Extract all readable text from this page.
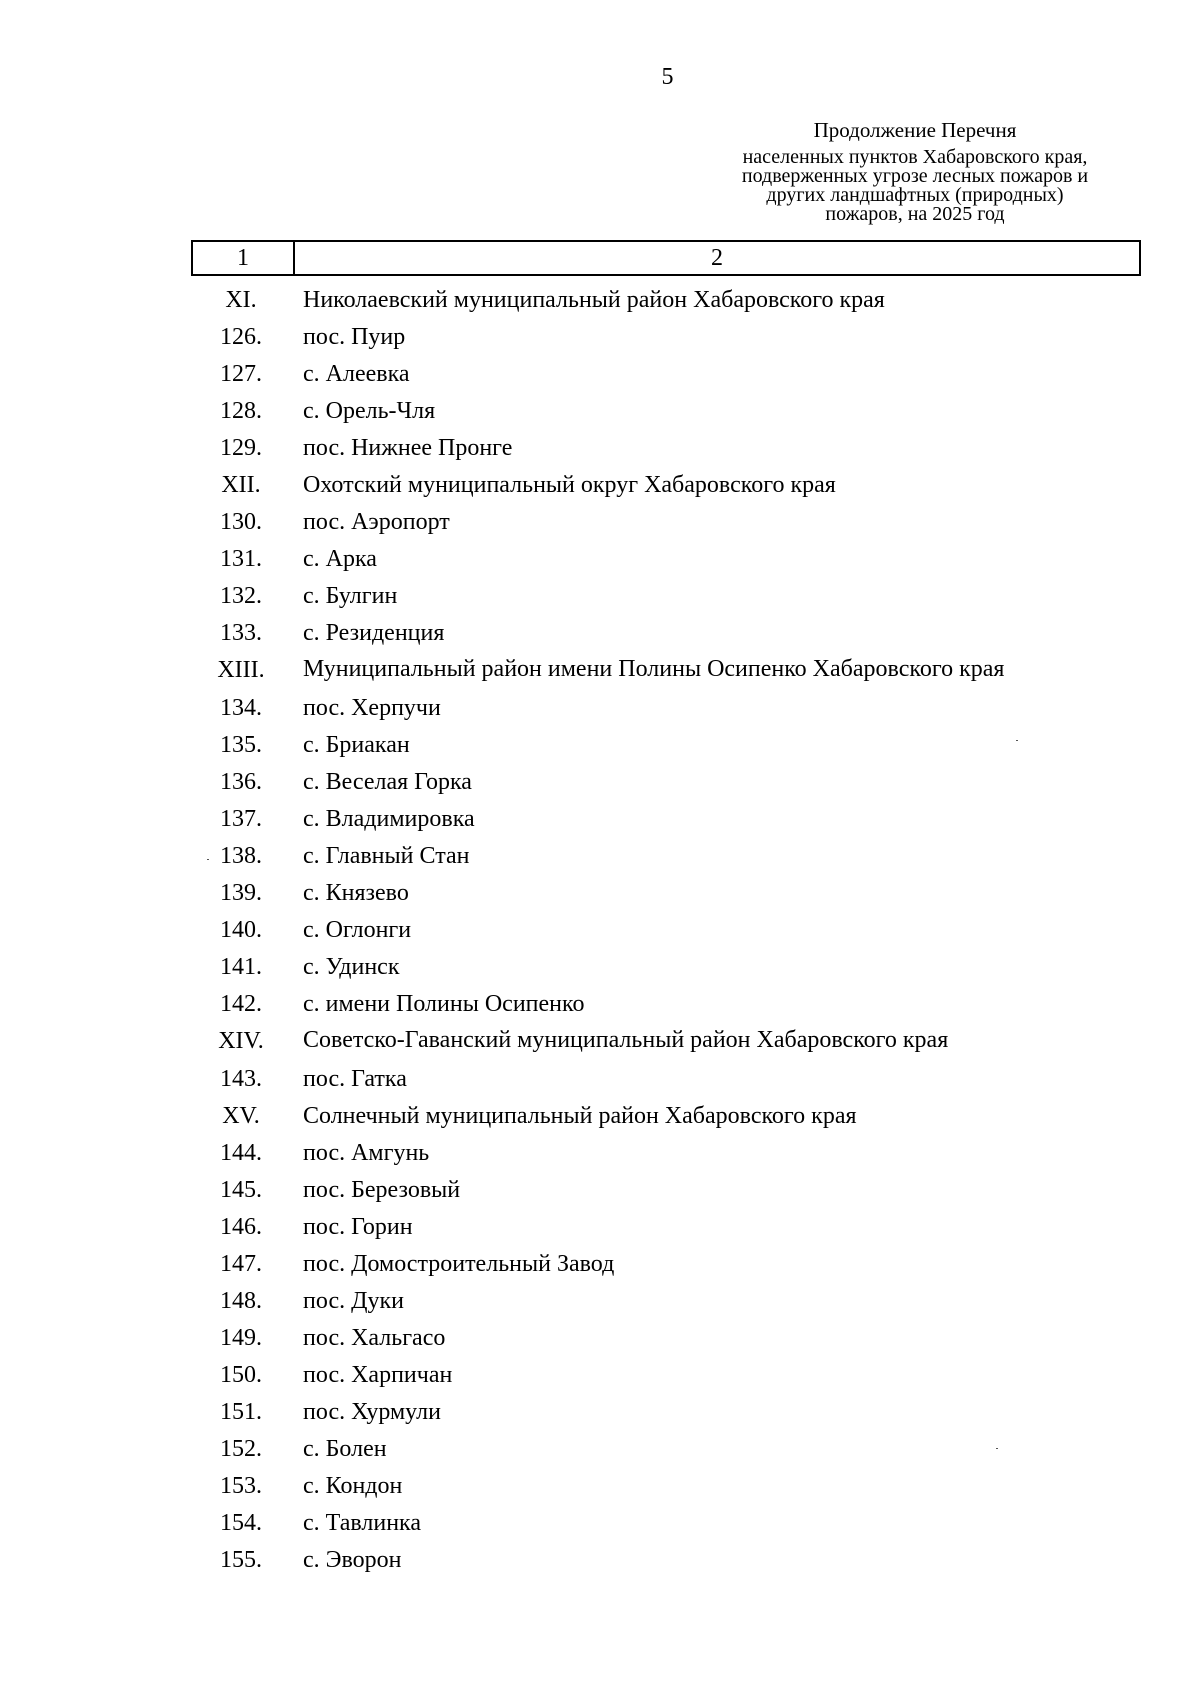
5
Продолжение Перечня
населенных пунктов Хабаровского края,
подверженных угрозе лесных пожаров и
других ландшафтных (природных)
пожаров, на 2025 год
1	2
XI.	Николаевский муниципальный район Хабаровского края
126.	пос. Пуир
127.	с. Алеевка
128.	с. Орель-Чля
129.	пос. Нижнее Пронге
XII.	Охотский муниципальный округ Хабаровского края
130.	пос. Аэропорт
131.	с. Арка
132.	с. Булгин
133.	с. Резиденция
XIII.	Муниципальный район имени Полины Осипенко Хабаровского края
134.	пос. Херпучи
135.	с. Бриакан
136.	с. Веселая Горка
137.	с. Владимировка
138.	с. Главный Стан
139.	с. Князево
140.	с. Оглонги
141.	с. Удинск
142.	с. имени Полины Осипенко
XIV.	Советско-Гаванский муниципальный район Хабаровского края
143.	пос. Гатка
XV.	Солнечный муниципальный район Хабаровского края
144.	пос. Амгунь
145.	пос. Березовый
146.	пос. Горин
147.	пос. Домостроительный Завод
148.	пос. Дуки
149.	пос. Хальгасо
150.	пос. Харпичан
151.	пос. Хурмули
152.	с. Болен
153.	с. Кондон
154.	с. Тавлинка
155.	с. Эворон
